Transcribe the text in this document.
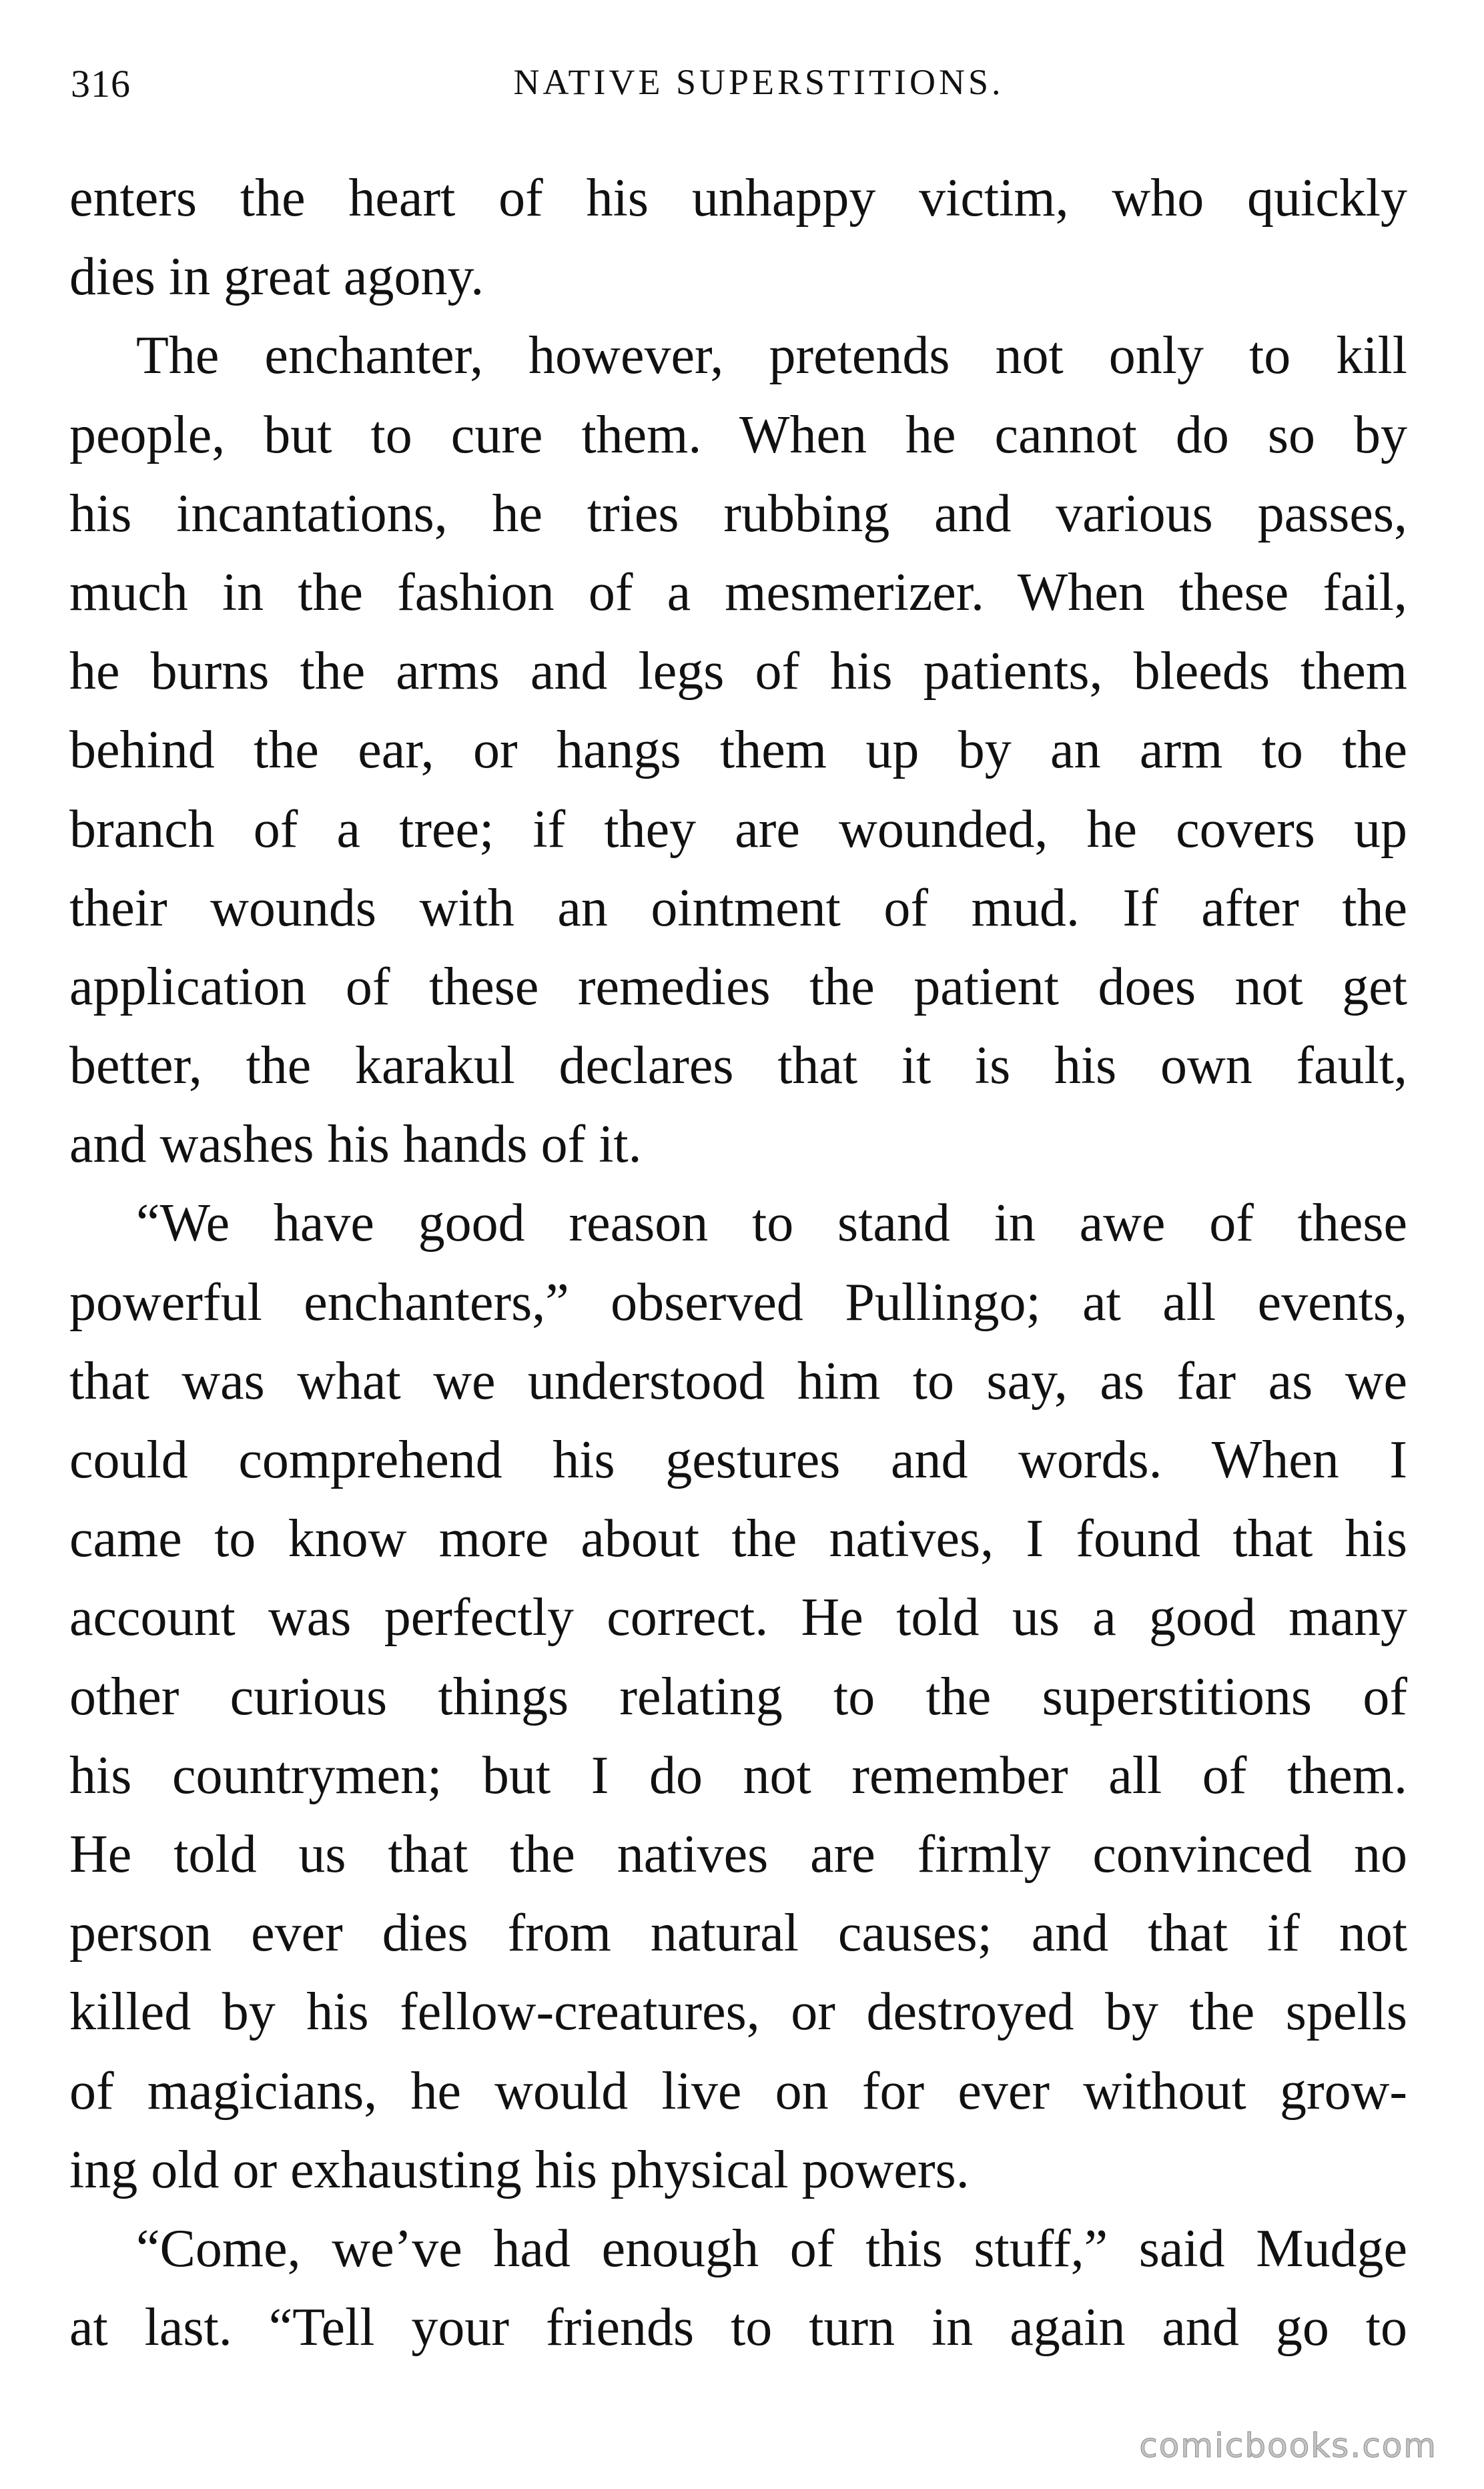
316	NATIVE SUPERSTITIONS.
enters the heart of his unhappy victim, who quickly
dies in great agony.
The enchanter, however, pretends not only to kill
people, but to cure them. When he cannot do so by
his incantations, he tries rubbing and various passes,
much in the fashion of a mesmerizer. When these fail,
he burns the arms and legs of his patients, bleeds them
behind the ear, or hangs them up by an arm to the
branch of a tree; if they are wounded, he covers up
their wounds with an ointment of mud. If after the
application of these remedies the patient does not get
better, the karakul declares that it is his own fault,
and washes his hands of it.
“We have good reason to stand in awe of these
powerful enchanters,” observed Pullingo; at all events,
that was what we understood him to say, as far as we
could comprehend his gestures and words. When I
came to know more about the natives, I found that his
account was perfectly correct. He told us a good many
other curious things relating to the superstitions of
his countrymen; but I do not remember all of them.
He told us that the natives are firmly convinced no
person ever dies from natural causes; and that if not
killed by his fellow-creatures, or destroyed by the spells
of magicians, he would live on for ever without grow-
ing old or exhausting his physical powers.
“Come, we’ve had enough of this stuff,” said Mudge
at last. “Tell your friends to turn in again and go to
comicbooks.com
